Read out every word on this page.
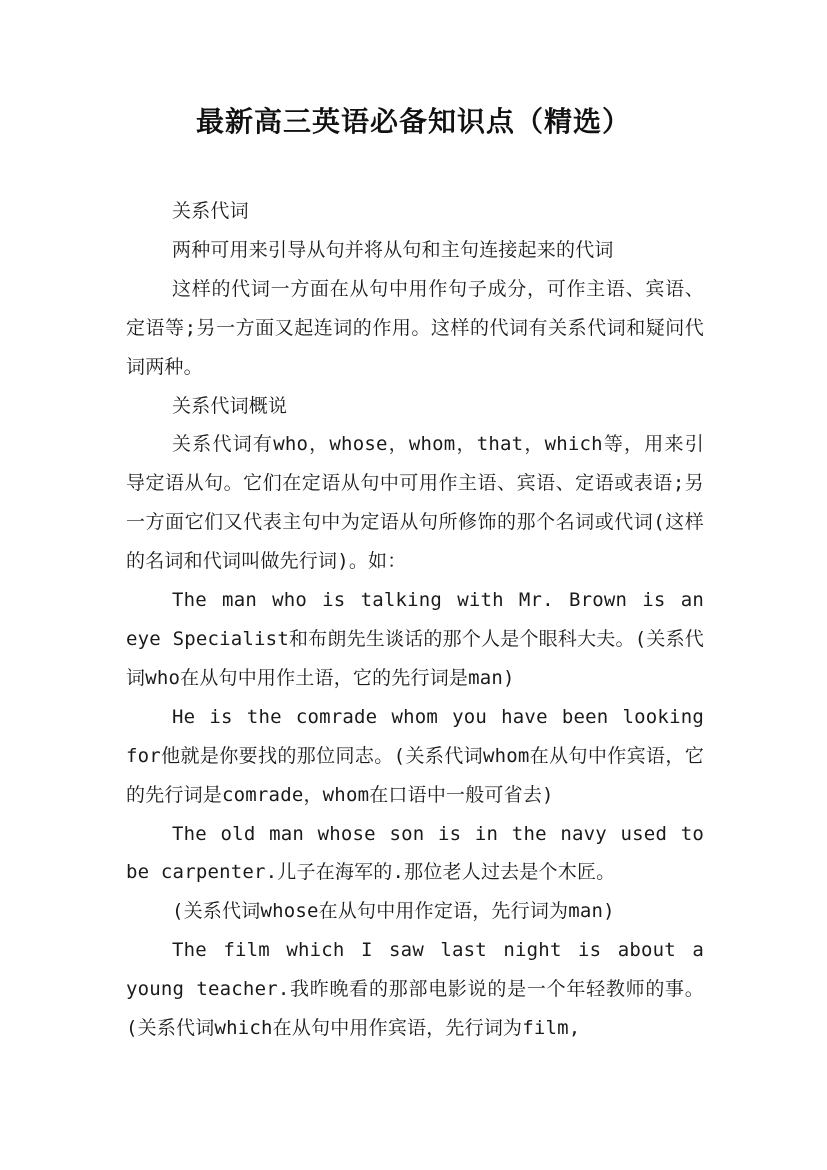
最新高三英语必备知识点（精选）

关系代词

两种可用来引导从句并将从句和主句连接起来的代词

这样的代词一方面在从句中用作句子成分，可作主语、宾语、定语等;另一方面又起连词的作用。这样的代词有关系代词和疑问代词两种。

关系代词概说

关系代词有who，whose，whom，that，which等，用来引导定语从句。它们在定语从句中可用作主语、宾语、定语或表语;另一方面它们又代表主句中为定语从句所修饰的那个名词或代词(这样的名词和代词叫做先行词)。如：

The man who is talking with Mr. Brown is an eye Specialist和布朗先生谈话的那个人是个眼科大夫。(关系代词who在从句中用作土语，它的先行词是man)

He is the comrade whom you have been looking for他就是你要找的那位同志。(关系代词whom在从句中作宾语，它的先行词是comrade，whom在口语中一般可省去)

The old man whose son is in the navy used to be carpenter.儿子在海军的.那位老人过去是个木匠。

(关系代词whose在从句中用作定语，先行词为man)

The film which I saw last night is about a young teacher.我昨晚看的那部电影说的是一个年轻教师的事。(关系代词which在从句中用作宾语，先行词为film,
